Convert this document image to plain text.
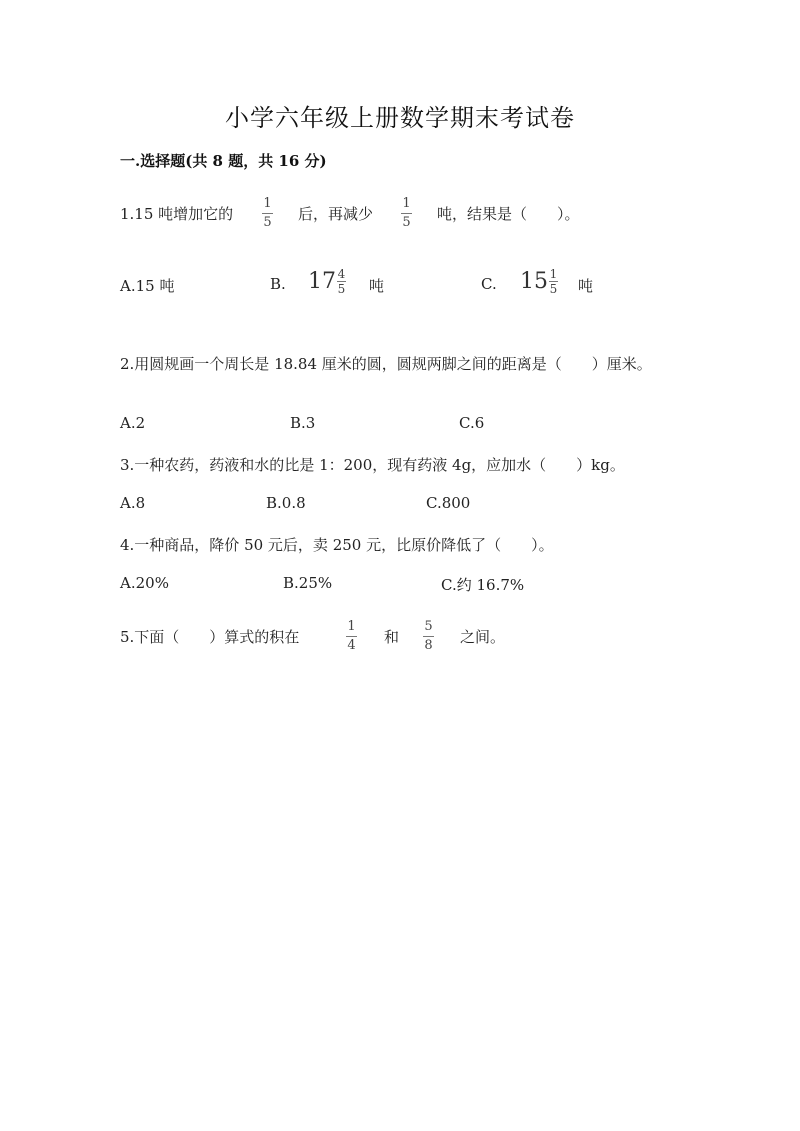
小学六年级上册数学期末考试卷
一.选择题(共 8 题，共 16 分)
1.15 吨增加它的
1
5 后，再减少
1
5 吨，结果是（　　）。
A.15 吨	B. $17 \frac{4}{5}$ 吨	C. $15 \frac{1}{5}$ 吨
2.用圆规画一个周长是 18.84 厘米的圆，圆规两脚之间的距离是（　　）厘米。
A.2	B.3	C.6
3.一种农药，药液和水的比是 1：200，现有药液 4g，应加水（　　）kg。
A.8	B.0.8	C.800
4.一种商品，降价 50 元后，卖 250 元，比原价降低了（　　）。
A.20%	B.25%	C.约 16.7%
5.下面（　　）算式的积在
1
4 和
5
8 之间。
